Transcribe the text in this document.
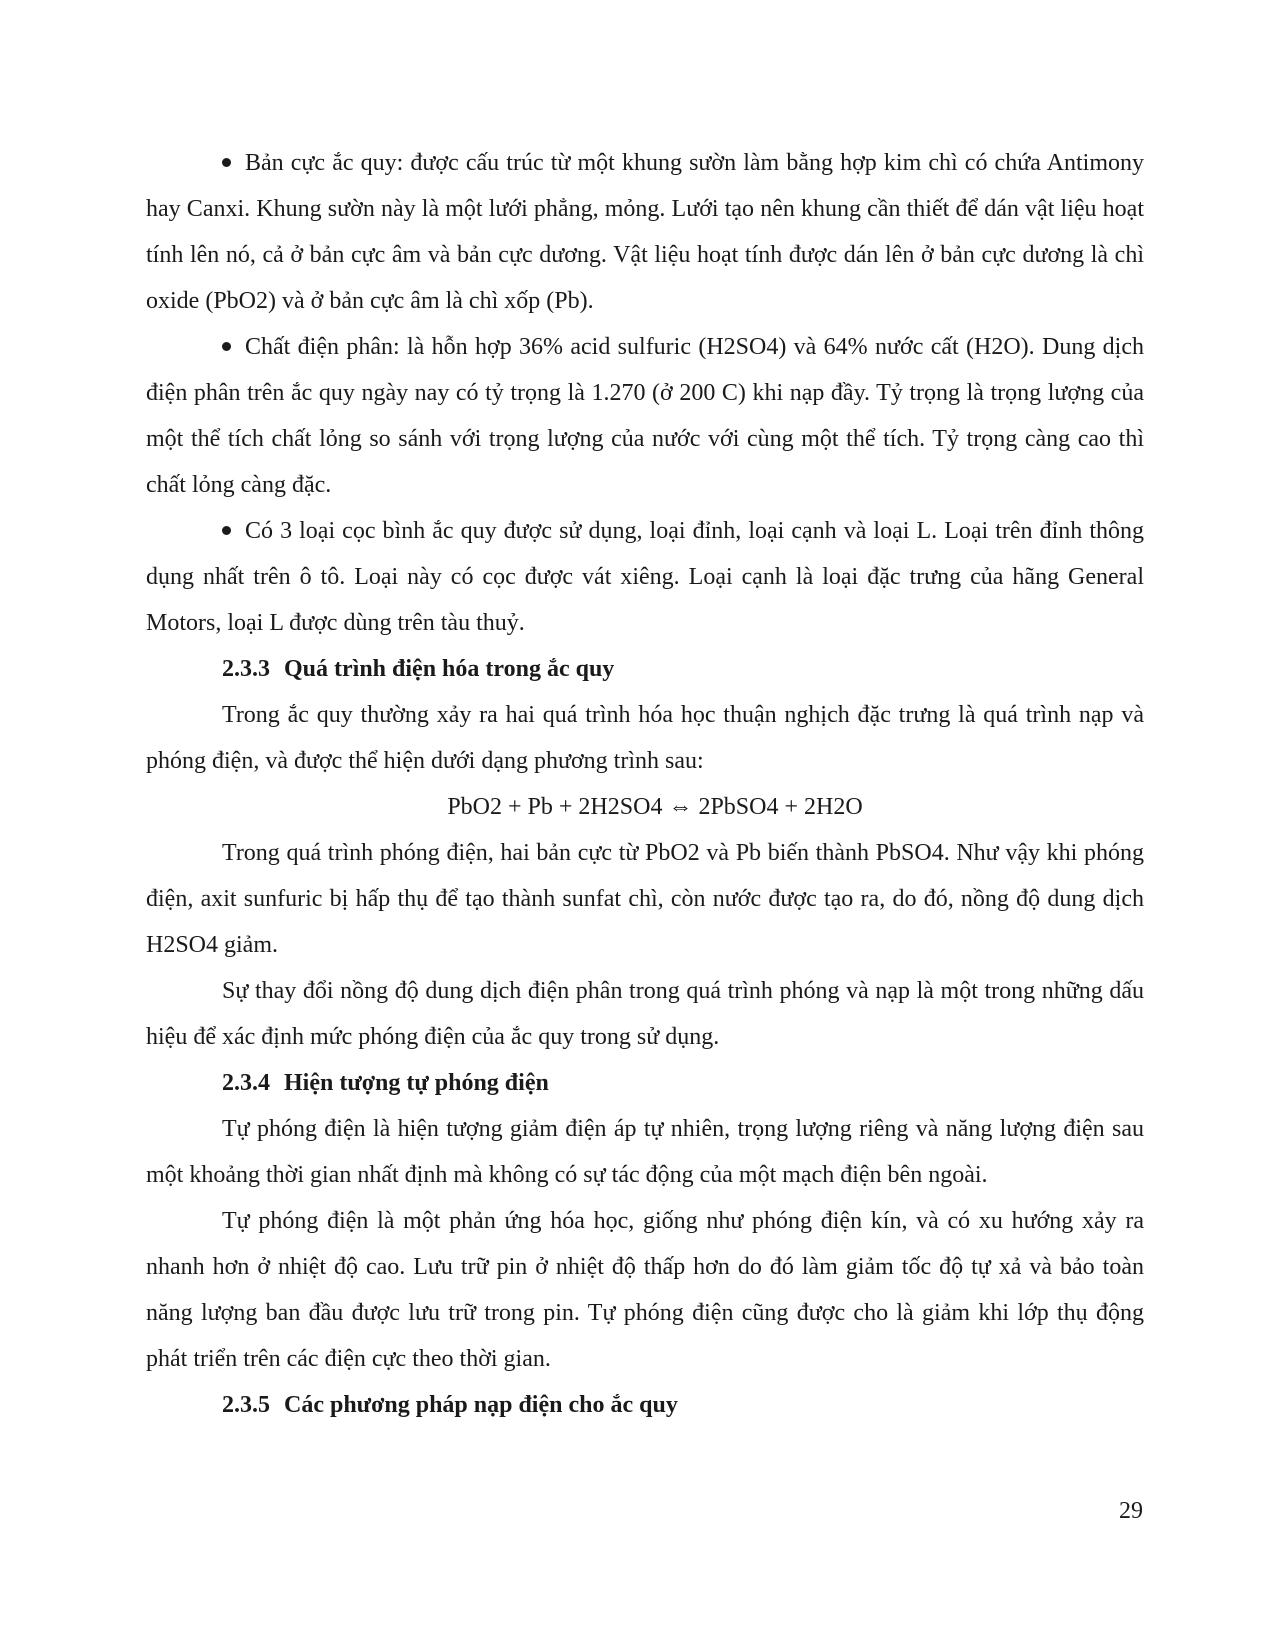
Bản cực ắc quy: được cấu trúc từ một khung sườn làm bằng hợp kim chì có chứa Antimony hay Canxi. Khung sườn này là một lưới phẳng, mỏng. Lưới tạo nên khung cần thiết để dán vật liệu hoạt tính lên nó, cả ở bản cực âm và bản cực dương. Vật liệu hoạt tính được dán lên ở bản cực dương là chì oxide (PbO2) và ở bản cực âm là chì xốp (Pb).

Chất điện phân: là hỗn hợp 36% acid sulfuric (H2SO4) và 64% nước cất (H2O). Dung dịch điện phân trên ắc quy ngày nay có tỷ trọng là 1.270 (ở 200 C) khi nạp đầy. Tỷ trọng là trọng lượng của một thể tích chất lỏng so sánh với trọng lượng của nước với cùng một thể tích. Tỷ trọng càng cao thì chất lỏng càng đặc.

Có 3 loại cọc bình ắc quy được sử dụng, loại đỉnh, loại cạnh và loại L. Loại trên đỉnh thông dụng nhất trên ô tô. Loại này có cọc được vát xiêng. Loại cạnh là loại đặc trưng của hãng General Motors, loại L được dùng trên tàu thuỷ.

2.3.3 Quá trình điện hóa trong ắc quy

Trong ắc quy thường xảy ra hai quá trình hóa học thuận nghịch đặc trưng là quá trình nạp và phóng điện, và được thể hiện dưới dạng phương trình sau:

PbO2 + Pb + 2H2SO4 ⇔ 2PbSO4 + 2H2O

Trong quá trình phóng điện, hai bản cực từ PbO2 và Pb biến thành PbSO4. Như vậy khi phóng điện, axit sunfuric bị hấp thụ để tạo thành sunfat chì, còn nước được tạo ra, do đó, nồng độ dung dịch H2SO4 giảm.

Sự thay đổi nồng độ dung dịch điện phân trong quá trình phóng và nạp là một trong những dấu hiệu để xác định mức phóng điện của ắc quy trong sử dụng.

2.3.4 Hiện tượng tự phóng điện

Tự phóng điện là hiện tượng giảm điện áp tự nhiên, trọng lượng riêng và năng lượng điện sau một khoảng thời gian nhất định mà không có sự tác động của một mạch điện bên ngoài.

Tự phóng điện là một phản ứng hóa học, giống như phóng điện kín, và có xu hướng xảy ra nhanh hơn ở nhiệt độ cao. Lưu trữ pin ở nhiệt độ thấp hơn do đó làm giảm tốc độ tự xả và bảo toàn năng lượng ban đầu được lưu trữ trong pin. Tự phóng điện cũng được cho là giảm khi lớp thụ động phát triển trên các điện cực theo thời gian.

2.3.5 Các phương pháp nạp điện cho ắc quy
29
